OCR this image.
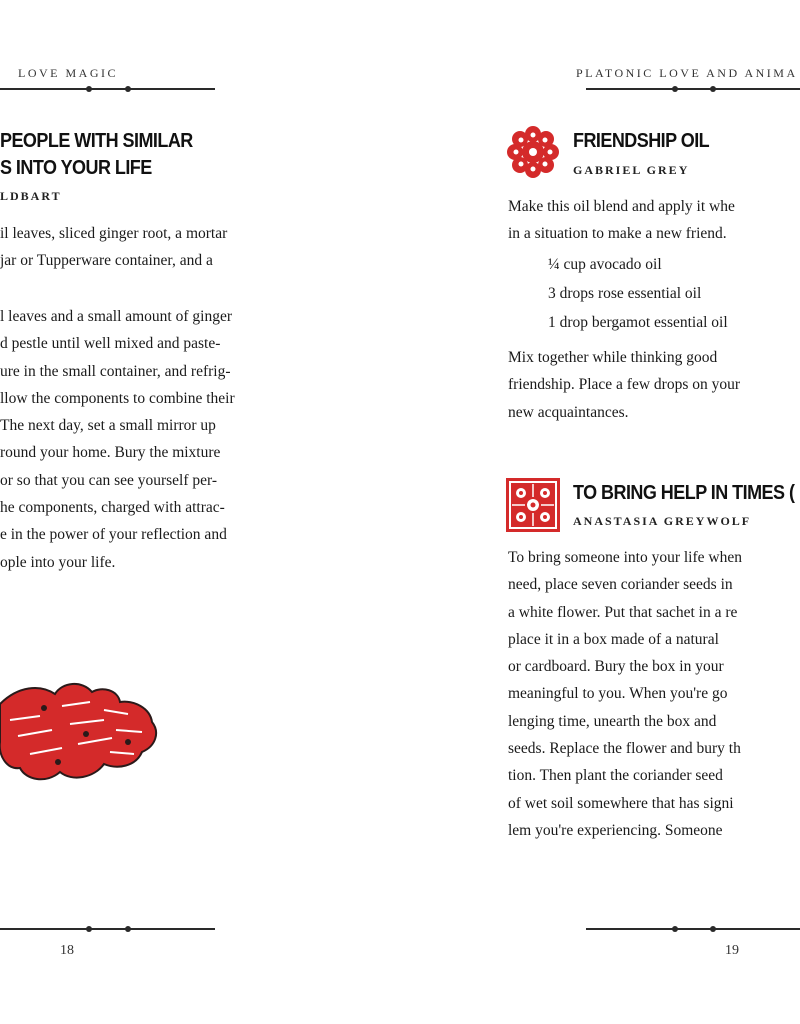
LOVE MAGIC
PEOPLE WITH SIMILAR
S INTO YOUR LIFE
LDBART
il leaves, sliced ginger root, a mortar
jar or Tupperware container, and a
l leaves and a small amount of ginger
d pestle until well mixed and paste-
ure in the small container, and refrig-
llow the components to combine their
The next day, set a small mirror up
round your home. Bury the mixture
or so that you can see yourself per-
he components, charged with attrac-
e in the power of your reflection and
ople into your life.
18
PLATONIC LOVE AND ANIMA
FRIENDSHIP OIL
GABRIEL GREY
Make this oil blend and apply it whe
in a situation to make a new friend.
¼ cup avocado oil
3 drops rose essential oil
1 drop bergamot essential oil
Mix together while thinking good
friendship. Place a few drops on your
new acquaintances.
TO BRING HELP IN TIMES (
ANASTASIA GREYWOLF
To bring someone into your life when
need, place seven coriander seeds in
a white flower. Put that sachet in a re
place it in a box made of a natural
or cardboard. Bury the box in your
meaningful to you. When you're go
lenging time, unearth the box and
seeds. Replace the flower and bury th
tion. Then plant the coriander seed
of wet soil somewhere that has signi
lem you're experiencing. Someone
19
